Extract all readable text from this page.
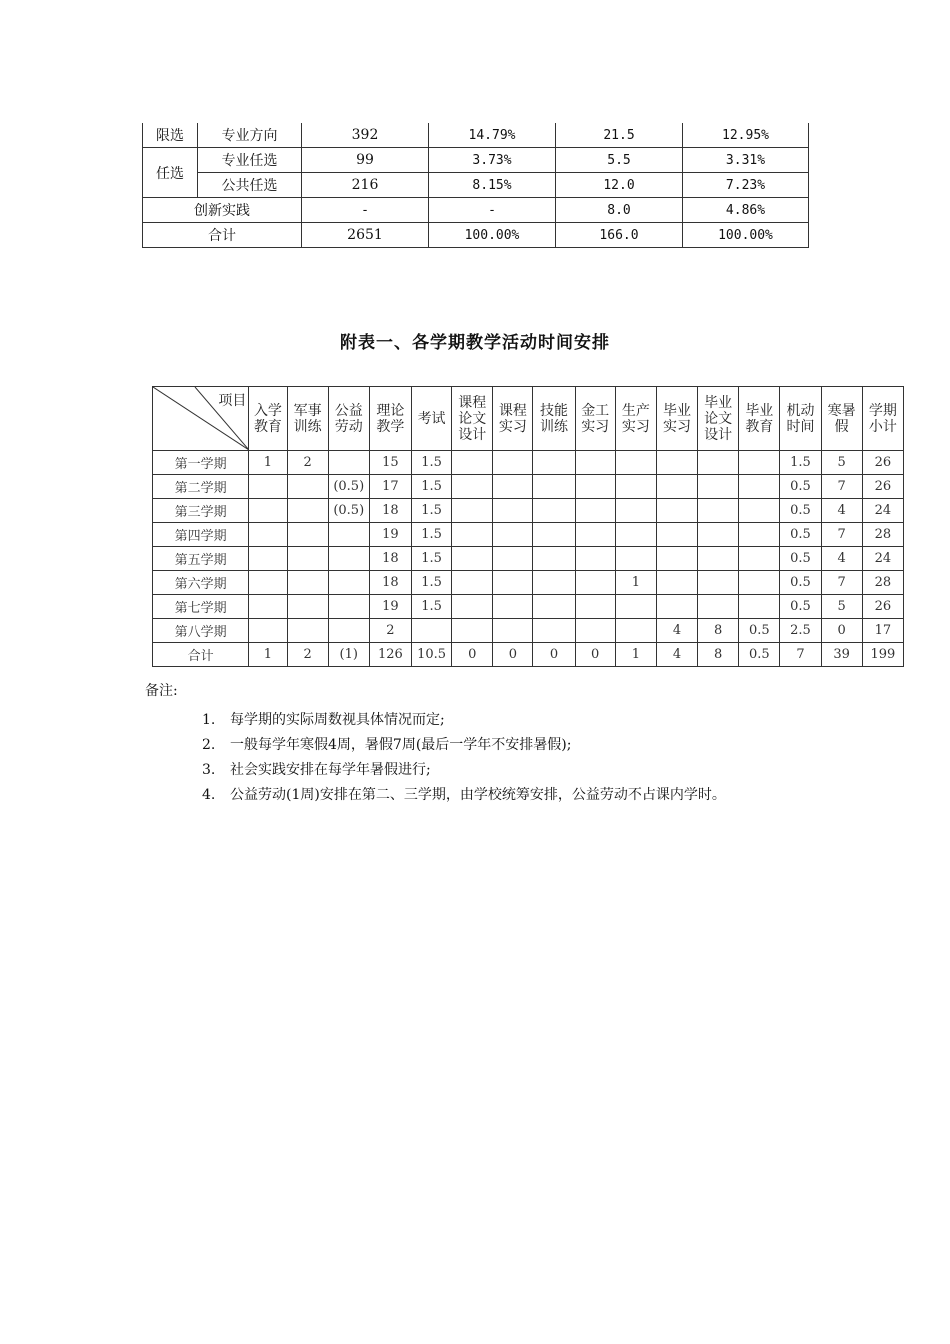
限选	专业方向	392	14.79%	21.5	12.95%
任选	专业任选	99	3.73%	5.5	3.31%
	公共任选	216	8.15%	12.0	7.23%
创新实践		-	-	8.0	4.86%
合计		2651	100.00%	166.0	100.00%
附表一、各学期教学活动时间安排
项目	入学教育	军事训练	公益劳动	理论教学	考试	课程论文设计	课程实习	技能训练	金工实习	生产实习	毕业实习	毕业论文设计	毕业教育	机动时间	寒暑假	学期小计
第一学期	1	2		15	1.5									1.5	5	26
第二学期			(0.5)	17	1.5									0.5	7	26
第三学期			(0.5)	18	1.5									0.5	4	24
第四学期				19	1.5									0.5	7	28
第五学期				18	1.5									0.5	4	24
第六学期				18	1.5					1				0.5	7	28
第七学期				19	1.5									0.5	5	26
第八学期				2							4	8	0.5	2.5	0	17
合计	1	2	(1)	126	10.5	0	0	0	0	1	4	8	0.5	7	39	199
备注:
1. 每学期的实际周数视具体情况而定;
2. 一般每学年寒假4周，暑假7周(最后一学年不安排暑假);
3. 社会实践安排在每学年暑假进行;
4. 公益劳动(1周)安排在第二、三学期，由学校统筹安排，公益劳动不占课内学时。
